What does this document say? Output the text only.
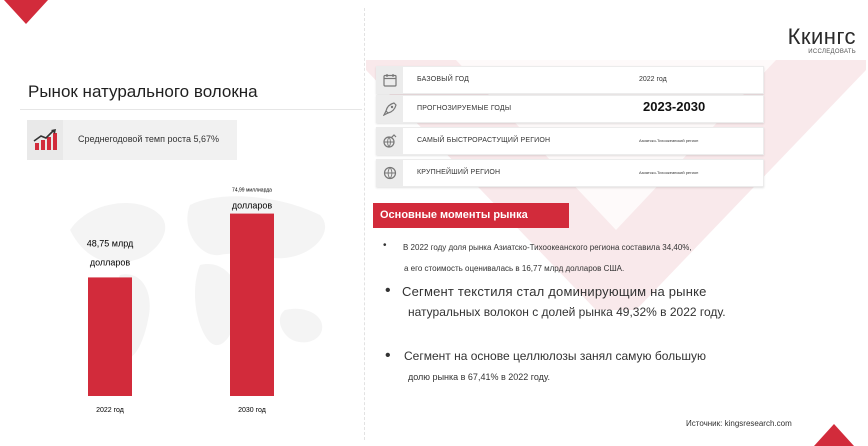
Ккингс
ИССЛЕДОВАТЬ
Рынок натурального волокна
Среднегодовой темп роста 5,67%
48,75 млрд
долларов
2022 год
74,99 миллиарда
долларов
2030 год
БАЗОВЫЙ ГОД	2022 год
ПРОГНОЗИРУЕМЫЕ ГОДЫ	2023-2030
САМЫЙ БЫСТРОРАСТУЩИЙ РЕГИОН	Азиатско-Тихоокеанский регион
КРУПНЕЙШИЙ РЕГИОН	Азиатско-Тихоокеанский регион
Основные моменты рынка
• В 2022 году доля рынка Азиатско-Тихоокеанского региона составила 34,40%,
а его стоимость оценивалась в 16,77 млрд долларов США.
• Сегмент текстиля стал доминирующим на рынке
натуральных волокон с долей рынка 49,32% в 2022 году.
• Сегмент на основе целлюлозы занял самую большую
долю рынка в 67,41% в 2022 году.
Источник: kingsresearch.com
